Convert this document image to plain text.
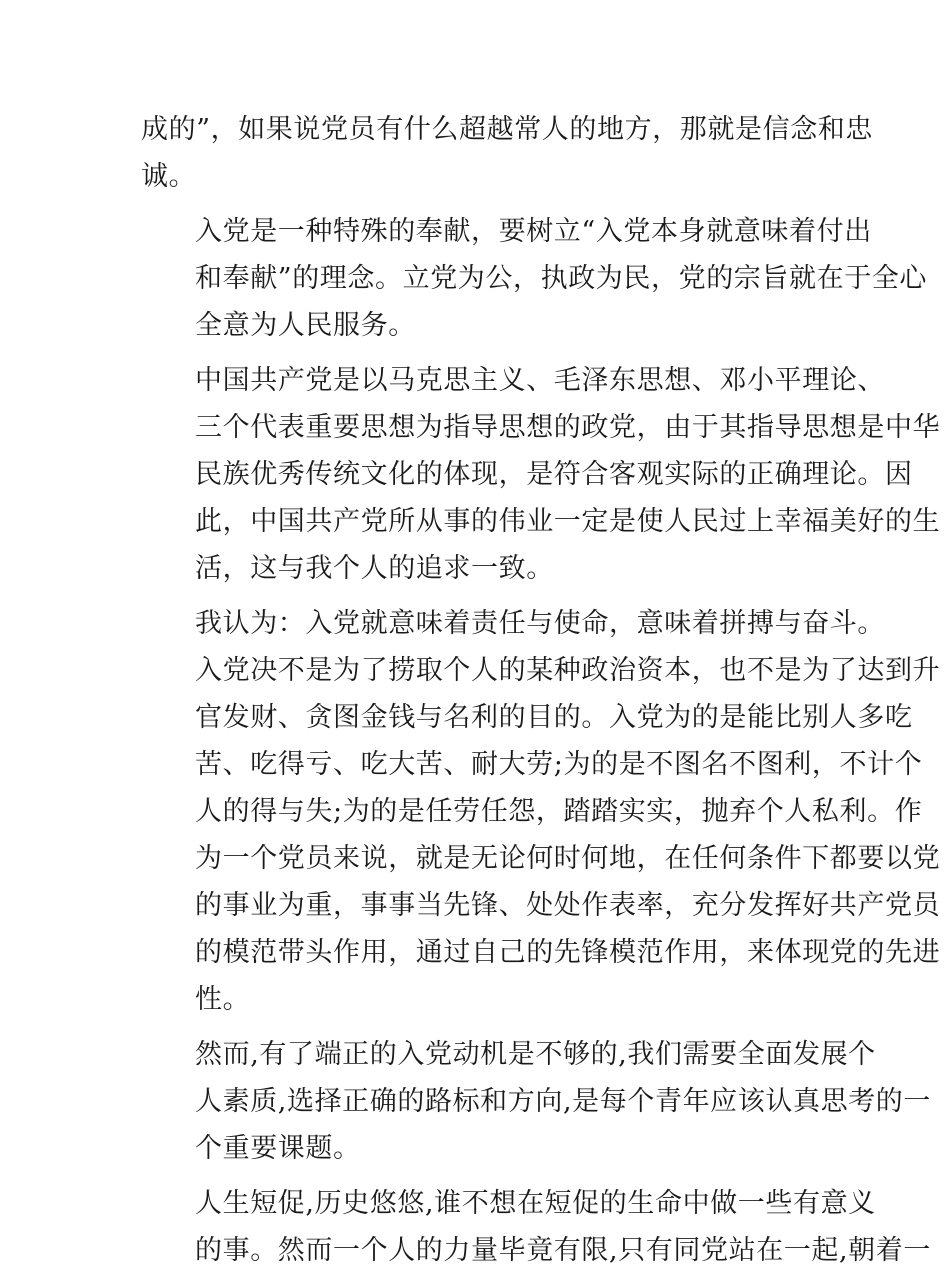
成的”，如果说党员有什么超越常人的地方，那就是信念和忠
诚。

入党是一种特殊的奉献，要树立“入党本身就意味着付出
和奉献”的理念。立党为公，执政为民，党的宗旨就在于全心
全意为人民服务。

中国共产党是以马克思主义、毛泽东思想、邓小平理论、
三个代表重要思想为指导思想的政党，由于其指导思想是中华
民族优秀传统文化的体现，是符合客观实际的正确理论。因
此，中国共产党所从事的伟业一定是使人民过上幸福美好的生
活，这与我个人的追求一致。

我认为：入党就意味着责任与使命，意味着拼搏与奋斗。
入党决不是为了捞取个人的某种政治资本，也不是为了达到升
官发财、贪图金钱与名利的目的。入党为的是能比别人多吃
苦、吃得亏、吃大苦、耐大劳;为的是不图名不图利，不计个
人的得与失;为的是任劳任怨，踏踏实实，抛弃个人私利。作
为一个党员来说，就是无论何时何地，在任何条件下都要以党
的事业为重，事事当先锋、处处作表率，充分发挥好共产党员
的模范带头作用，通过自己的先锋模范作用，来体现党的先进
性。

然而,有了端正的入党动机是不够的,我们需要全面发展个
人素质,选择正确的路标和方向,是每个青年应该认真思考的一
个重要课题。

人生短促,历史悠悠,谁不想在短促的生命中做一些有意义
的事。然而一个人的力量毕竟有限,只有同党站在一起,朝着一
